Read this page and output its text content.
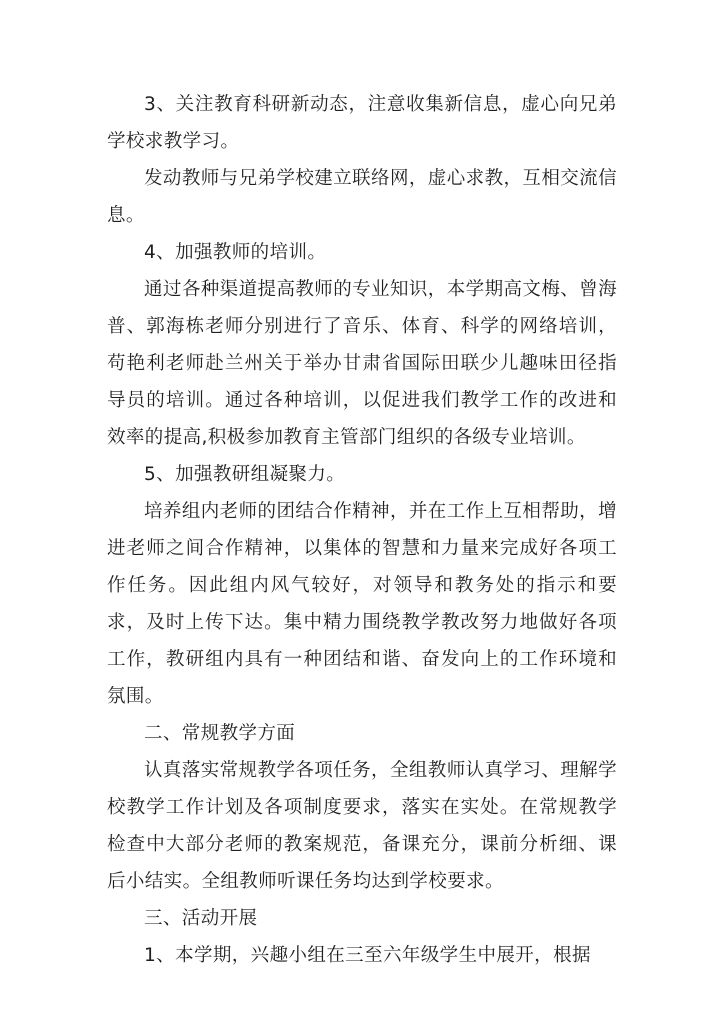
3、关注教育科研新动态，注意收集新信息，虚心向兄弟学校求教学习。

发动教师与兄弟学校建立联络网，虚心求教，互相交流信息。

4、加强教师的培训。

通过各种渠道提高教师的专业知识，本学期高文梅、曾海普、郭海栋老师分别进行了音乐、体育、科学的网络培训，苟艳利老师赴兰州关于举办甘肃省国际田联少儿趣味田径指导员的培训。通过各种培训，以促进我们教学工作的改进和效率的提高,积极参加教育主管部门组织的各级专业培训。

5、加强教研组凝聚力。

培养组内老师的团结合作精神，并在工作上互相帮助，增进老师之间合作精神，以集体的智慧和力量来完成好各项工作任务。因此组内风气较好，对领导和教务处的指示和要求，及时上传下达。集中精力围绕教学教改努力地做好各项工作，教研组内具有一种团结和谐、奋发向上的工作环境和氛围。

二、常规教学方面

认真落实常规教学各项任务，全组教师认真学习、理解学校教学工作计划及各项制度要求，落实在实处。在常规教学检查中大部分老师的教案规范，备课充分，课前分析细、课后小结实。全组教师听课任务均达到学校要求。

三、活动开展

1、本学期，兴趣小组在三至六年级学生中展开，根据
